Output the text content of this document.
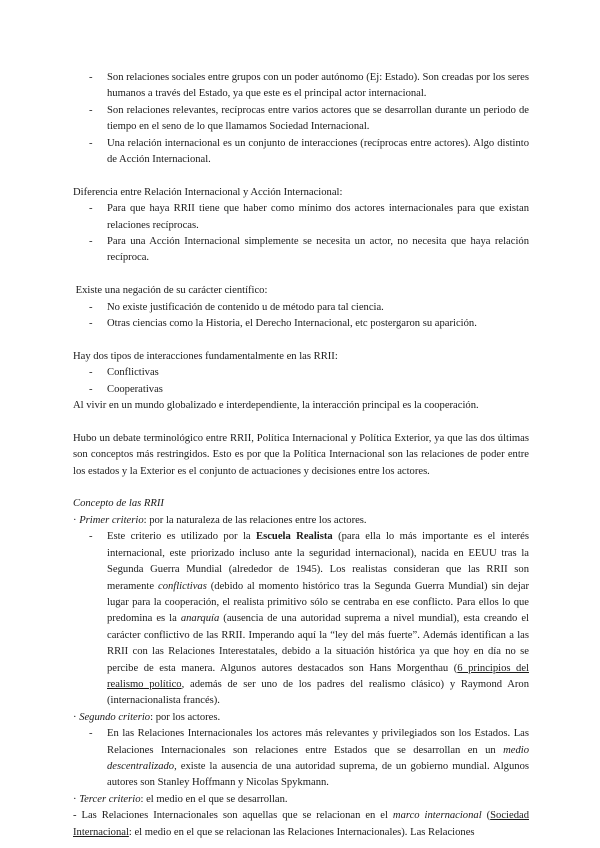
- Son relaciones sociales entre grupos con un poder autónomo (Ej: Estado). Son creadas por los seres humanos a través del Estado, ya que este es el principal actor internacional.
- Son relaciones relevantes, recíprocas entre varios actores que se desarrollan durante un periodo de tiempo en el seno de lo que llamamos Sociedad Internacional.
- Una relación internacional es un conjunto de interacciones (recíprocas entre actores). Algo distinto de Acción Internacional.

Diferencia entre Relación Internacional y Acción Internacional:

- Para que haya RRII tiene que haber como mínimo dos actores internacionales para que existan relaciones recíprocas.
- Para una Acción Internacional simplemente se necesita un actor, no necesita que haya relación recíproca.

Existe una negación de su carácter científico:

- No existe justificación de contenido u de método para tal ciencia.
- Otras ciencias como la Historia, el Derecho Internacional, etc postergaron su aparición.

Hay dos tipos de interacciones fundamentalmente en las RRII:

- Conflictivas
- Cooperativas

Al vivir en un mundo globalizado e interdependiente, la interacción principal es la cooperación.

Hubo un debate terminológico entre RRII, Política Internacional y Política Exterior, ya que las dos últimas son conceptos más restringidos. Esto es por que la Política Internacional son las relaciones de poder entre los estados y la Exterior es el conjunto de actuaciones y decisiones entre los actores.

Concepto de las RRII

· Primer criterio: por la naturaleza de las relaciones entre los actores.

- Este criterio es utilizado por la Escuela Realista (para ella lo más importante es el interés internacional, este priorizado incluso ante la seguridad internacional), nacida en EEUU tras la Segunda Guerra Mundial (alrededor de 1945). Los realistas consideran que las RRII son meramente conflictivas (debido al momento histórico tras la Segunda Guerra Mundial) sin dejar lugar para la cooperación, el realista primitivo sólo se centraba en ese conflicto. Para ellos lo que predomina es la anarquía (ausencia de una autoridad suprema a nivel mundial), esta creando el carácter conflictivo de las RRII. Imperando aquí la “ley del más fuerte”. Además identifican a las RRII con las Relaciones Interestatales, debido a la situación histórica ya que hoy en día no se percibe de esta manera. Algunos autores destacados son Hans Morgenthau (6 principios del realismo político, además de ser uno de los padres del realismo clásico) y Raymond Aron (internacionalista francés).

· Segundo criterio: por los actores.

- En las Relaciones Internacionales los actores más relevantes y privilegiados son los Estados. Las Relaciones Internacionales son relaciones entre Estados que se desarrollan en un medio descentralizado, existe la ausencia de una autoridad suprema, de un gobierno mundial. Algunos autores son Stanley Hoffmann y Nicolas Spykmann.

· Tercer criterio: el medio en el que se desarrollan.

- Las Relaciones Internacionales son aquellas que se relacionan en el marco internacional (Sociedad Internacional: el medio en el que se relacionan las Relaciones Internacionales). Las Relaciones
